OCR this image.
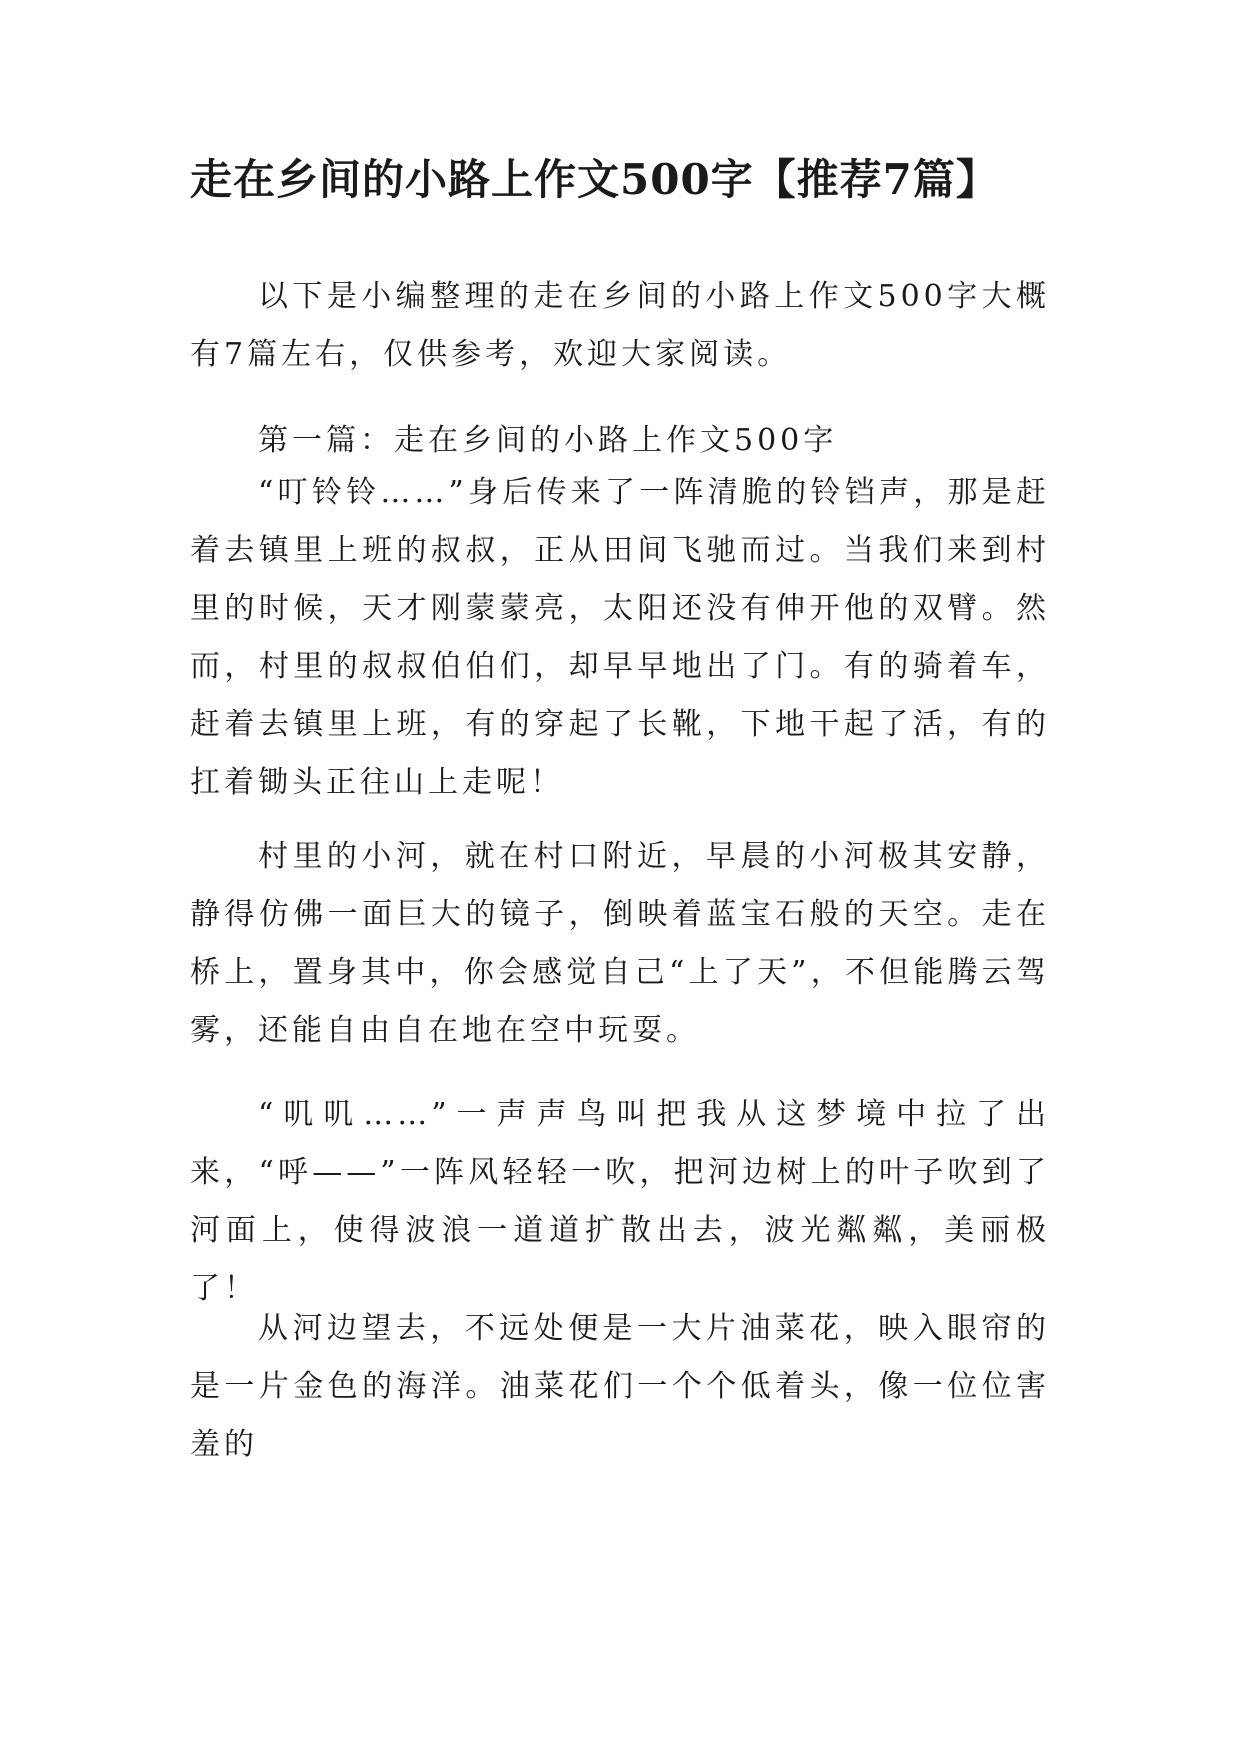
走在乡间的小路上作文500字【推荐7篇】

以下是小编整理的走在乡间的小路上作文500字大概有7篇左右，仅供参考，欢迎大家阅读。

第一篇：走在乡间的小路上作文500字

“叮铃铃……”身后传来了一阵清脆的铃铛声，那是赶着去镇里上班的叔叔，正从田间飞驰而过。当我们来到村里的时候，天才刚蒙蒙亮，太阳还没有伸开他的双臂。然而，村里的叔叔伯伯们，却早早地出了门。有的骑着车，赶着去镇里上班，有的穿起了长靴，下地干起了活，有的扛着锄头正往山上走呢！

村里的小河，就在村口附近，早晨的小河极其安静，静得仿佛一面巨大的镜子，倒映着蓝宝石般的天空。走在桥上，置身其中，你会感觉自己“上了天”，不但能腾云驾雾，还能自由自在地在空中玩耍。

“叽叽……”一声声鸟叫把我从这梦境中拉了出来，“呼——”一阵风轻轻一吹，把河边树上的叶子吹到了河面上，使得波浪一道道扩散出去，波光粼粼，美丽极了！

从河边望去，不远处便是一大片油菜花，映入眼帘的是一片金色的海洋。油菜花们一个个低着头，像一位位害羞的
